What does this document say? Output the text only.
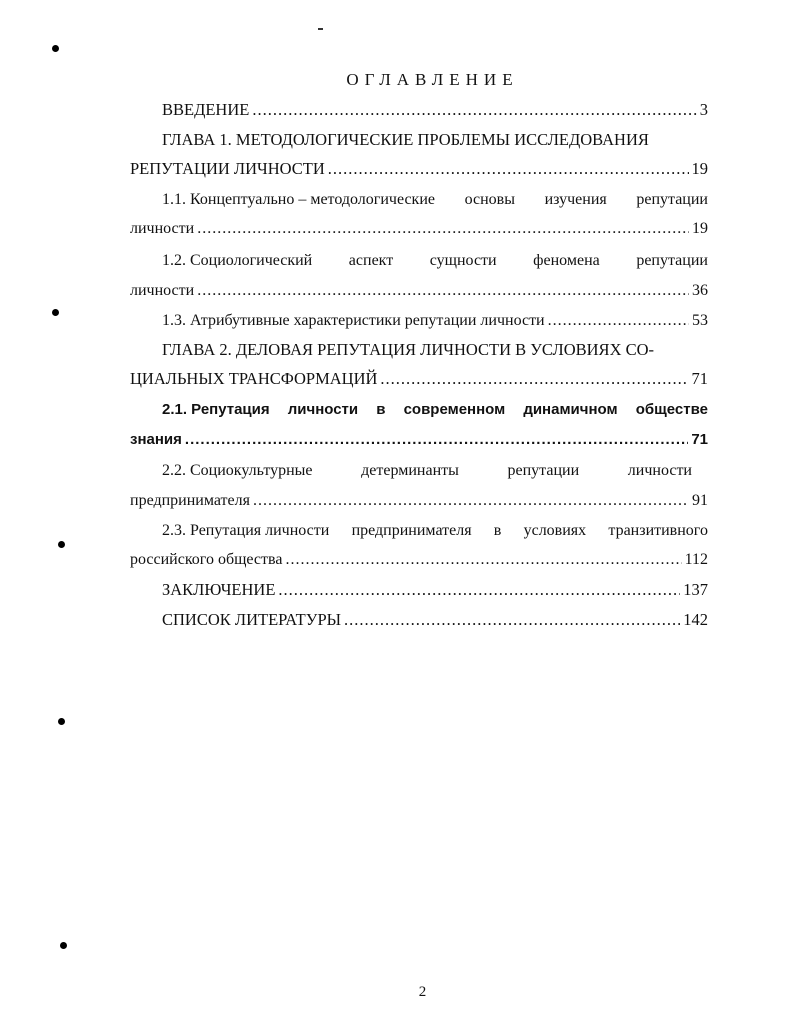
ОГЛАВЛЕНИЕ
ВВЕДЕНИЕ .....	3
ГЛАВА 1. МЕТОДОЛОГИЧЕСКИЕ ПРОБЛЕМЫ ИССЛЕДОВАНИЯ
РЕПУТАЦИИ ЛИЧНОСТИ .....	19
1.1. Концептуально – методологические основы изучения репутации
личности .....	19
1.2. Социологический аспект сущности феномена репутации
личности .....	36
1.3. Атрибутивные характеристики репутации личности .....	53
ГЛАВА 2. ДЕЛОВАЯ РЕПУТАЦИЯ ЛИЧНОСТИ В УСЛОВИЯХ СО-
ЦИАЛЬНЫХ ТРАНСФОРМАЦИЙ .....	71
2.1. Репутация личности в современном динамичном обществе
знания .....	71
2.2. Социокультурные	детерминанты	репутации	личности
предпринимателя .....	91
2.3. Репутация личности предпринимателя в условиях транзитивного
российского общества .....	112
ЗАКЛЮЧЕНИЕ .....	137
СПИСОК ЛИТЕРАТУРЫ .....	142
2
